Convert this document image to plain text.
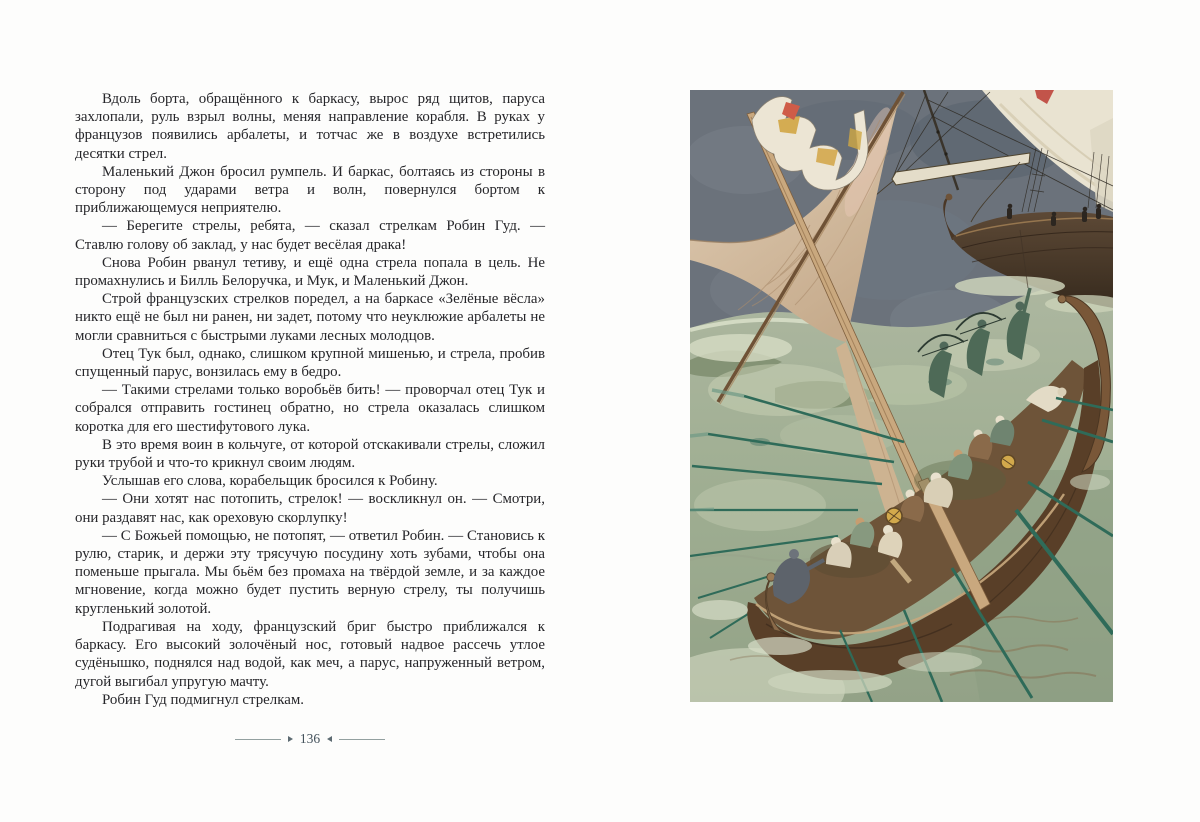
Вдоль борта, обращённого к баркасу, вырос ряд щитов, паруса захлопали, руль взрыл волны, меняя направление корабля. В руках у французов появились арбалеты, и тотчас же в воздухе встретились десятки стрел.

Маленький Джон бросил румпель. И баркас, болтаясь из стороны в сторону под ударами ветра и волн, повернулся бортом к приближающемуся неприятелю.

— Берегите стрелы, ребята, — сказал стрелкам Робин Гуд. — Ставлю голову об заклад, у нас будет весёлая драка!

Снова Робин рванул тетиву, и ещё одна стрела попала в цель. Не промахнулись и Билль Белоручка, и Мук, и Маленький Джон.

Строй французских стрелков поредел, а на баркасе «Зелёные вёсла» никто ещё не был ни ранен, ни задет, потому что неуклюжие арбалеты не могли сравниться с быстрыми луками лесных молодцов.

Отец Тук был, однако, слишком крупной мишенью, и стрела, пробив спущенный парус, вонзилась ему в бедро.

— Такими стрелами только воробьёв бить! — проворчал отец Тук и собрался отправить гостинец обратно, но стрела оказалась слишком коротка для его шестифутового лука.

В это время воин в кольчуге, от которой отскакивали стрелы, сложил руки трубой и что-то крикнул своим людям.

Услышав его слова, корабельщик бросился к Робину.

— Они хотят нас потопить, стрелок! — воскликнул он. — Смотри, они раздавят нас, как ореховую скорлупку!

— С Божьей помощью, не потопят, — ответил Робин. — Становись к рулю, старик, и держи эту трясучую посудину хоть зубами, чтобы она поменьше прыгала. Мы бьём без промаха на твёрдой земле, и за каждое мгновение, когда можно будет пустить верную стрелу, ты получишь кругленький золотой.

Подрагивая на ходу, французский бриг быстро приближался к баркасу. Его высокий золочёный нос, готовый надвое рассечь утлое судёнышко, поднялся над водой, как меч, а парус, напруженный ветром, дугой выгибал упругую мачту.

Робин Гуд подмигнул стрелкам.

136
